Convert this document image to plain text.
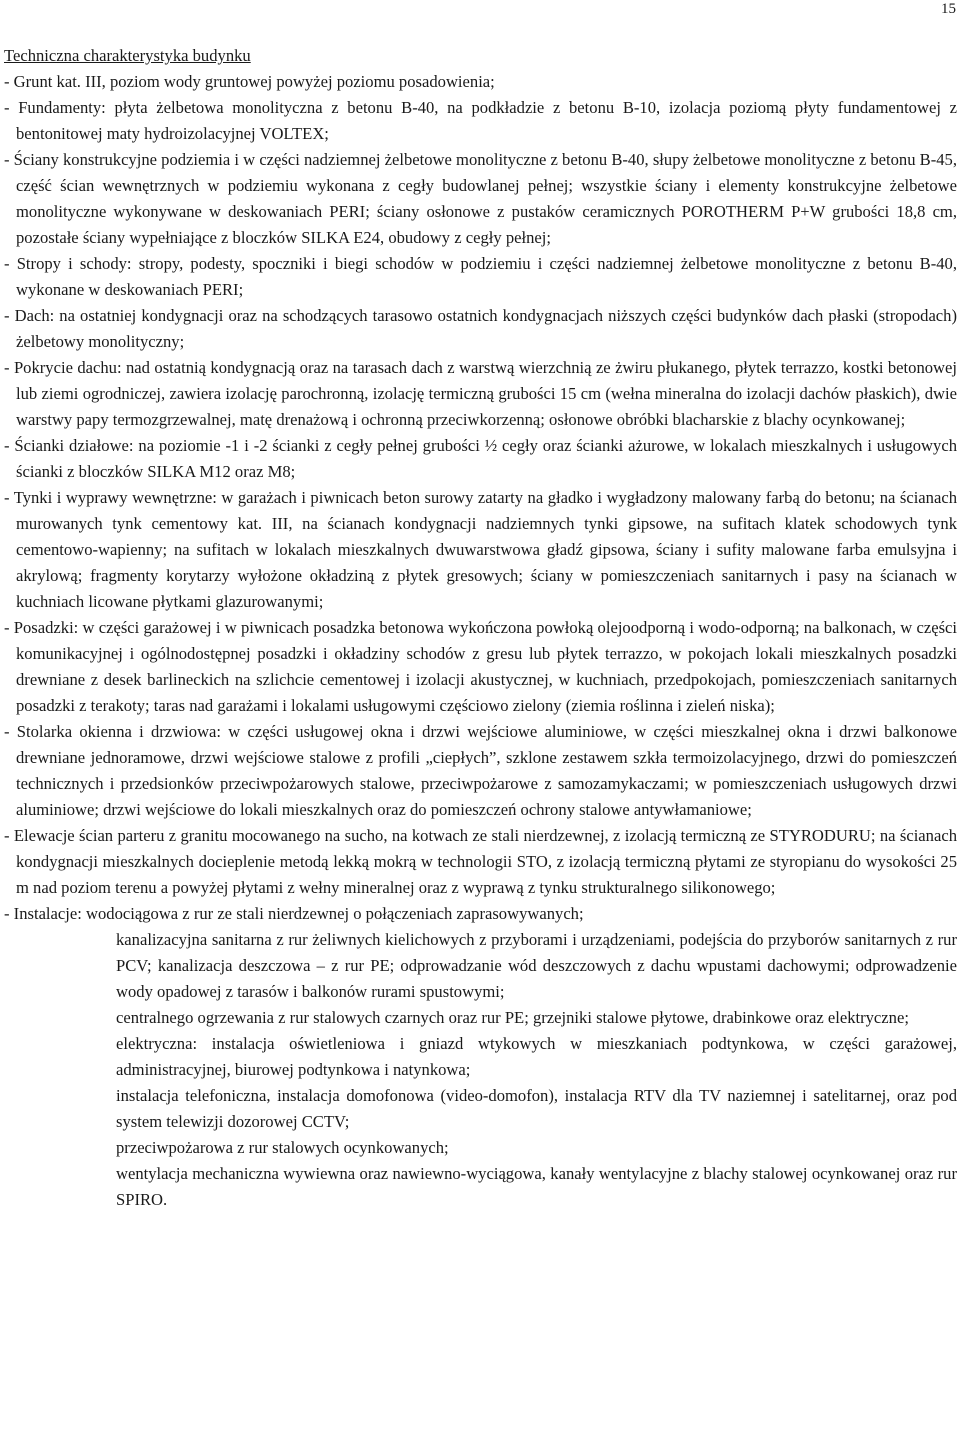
15
Techniczna charakterystyka budynku

- Grunt kat. III, poziom wody gruntowej powyżej poziomu posadowienia;

- Fundamenty: płyta żelbetowa monolityczna z betonu B-40, na podkładzie z betonu B-10, izolacja poziomą płyty fundamentowej z bentonitowej maty hydroizolacyjnej VOLTEX;

- Ściany konstrukcyjne podziemia i w części nadziemnej żelbetowe monolityczne z betonu B-40, słupy żelbetowe monolityczne z betonu B-45, część ścian wewnętrznych w podziemiu wykonana z cegły budowlanej pełnej; wszystkie ściany i elementy konstrukcyjne żelbetowe monolityczne wykonywane w deskowaniach PERI; ściany osłonowe z pustaków ceramicznych POROTHERM P+W grubości 18,8 cm, pozostałe ściany wypełniające z bloczków SILKA E24, obudowy z cegły pełnej;

- Stropy i schody: stropy, podesty, spoczniki i biegi schodów w podziemiu i części nadziemnej żelbetowe monolityczne z betonu B-40, wykonane w deskowaniach PERI;

- Dach: na ostatniej kondygnacji oraz na schodzących tarasowo ostatnich kondygnacjach niższych części budynków dach płaski (stropodach) żelbetowy monolityczny;

- Pokrycie dachu: nad ostatnią kondygnacją oraz na tarasach dach z warstwą wierzchnią ze żwiru płukanego, płytek terrazzo, kostki betonowej lub ziemi ogrodniczej, zawiera izolację parochronną, izolację termiczną grubości 15 cm (wełna mineralna do izolacji dachów płaskich), dwie warstwy papy termozgrzewalnej, matę drenażową i ochronną przeciwkorzenną; osłonowe obróbki blacharskie z blachy ocynkowanej;

- Ścianki działowe: na poziomie -1 i -2 ścianki z cegły pełnej grubości ½ cegły oraz ścianki ażurowe, w lokalach mieszkalnych i usługowych ścianki z bloczków SILKA M12 oraz M8;

- Tynki i wyprawy wewnętrzne: w garażach i piwnicach beton surowy zatarty na gładko i wygładzony malowany farbą do betonu; na ścianach murowanych tynk cementowy kat. III, na ścianach kondygnacji nadziemnych tynki gipsowe, na sufitach klatek schodowych tynk cementowo-wapienny; na sufitach w lokalach mieszkalnych dwuwarstwowa gładź gipsowa, ściany i sufity malowane farba emulsyjna i akrylową; fragmenty korytarzy wyłożone okładziną z płytek gresowych; ściany w pomieszczeniach sanitarnych i pasy na ścianach w kuchniach licowane płytkami glazurowanymi;

- Posadzki: w części garażowej i w piwnicach posadzka betonowa wykończona powłoką olejoodporną i wodo-odporną; na balkonach, w części komunikacyjnej i ogólnodostępnej posadzki i okładziny schodów z gresu lub płytek terrazzo, w pokojach lokali mieszkalnych posadzki drewniane z desek barlineckich na szlichcie cementowej i izolacji akustycznej, w kuchniach, przedpokojach, pomieszczeniach sanitarnych posadzki z terakoty; taras nad garażami i lokalami usługowymi częściowo zielony (ziemia roślinna i zieleń niska);

- Stolarka okienna i drzwiowa: w części usługowej okna i drzwi wejściowe aluminiowe, w części mieszkalnej okna i drzwi balkonowe drewniane jednoramowe, drzwi wejściowe stalowe z profili „ciepłych”, szklone zestawem szkła termoizolacyjnego, drzwi do pomieszczeń technicznych i przedsionków przeciwpożarowych stalowe, przeciwpożarowe z samozamykaczami; w pomieszczeniach usługowych drzwi aluminiowe; drzwi wejściowe do lokali mieszkalnych oraz do pomieszczeń ochrony stalowe antywłamaniowe;

- Elewacje ścian parteru z granitu mocowanego na sucho, na kotwach ze stali nierdzewnej, z izolacją termiczną ze STYRODURU; na ścianach kondygnacji mieszkalnych docieplenie metodą lekką mokrą w technologii STO, z izolacją termiczną płytami ze styropianu do wysokości 25 m nad poziom terenu a powyżej płytami z wełny mineralnej oraz z wyprawą z tynku strukturalnego silikonowego;

- Instalacje: wodociągowa z rur ze stali nierdzewnej o połączeniach zaprasowywanych;

kanalizacyjna sanitarna z rur żeliwnych kielichowych z przyborami i urządzeniami, podejścia do przyborów sanitarnych z rur PCV; kanalizacja deszczowa – z rur PE; odprowadzanie wód deszczowych z dachu wpustami dachowymi; odprowadzenie wody opadowej z tarasów i balkonów rurami spustowymi;

centralnego ogrzewania z rur stalowych czarnych oraz rur PE; grzejniki stalowe płytowe, drabinkowe oraz elektryczne;

elektryczna: instalacja oświetleniowa i gniazd wtykowych w mieszkaniach podtynkowa, w części garażowej, administracyjnej, biurowej podtynkowa i natynkowa;

instalacja telefoniczna, instalacja domofonowa (video-domofon), instalacja RTV dla TV naziemnej i satelitarnej, oraz pod system telewizji dozorowej CCTV;

przeciwpożarowa z rur stalowych ocynkowanych;

wentylacja mechaniczna wywiewna oraz nawiewno-wyciągowa, kanały wentylacyjne z blachy stalowej ocynkowanej oraz rur SPIRO.
